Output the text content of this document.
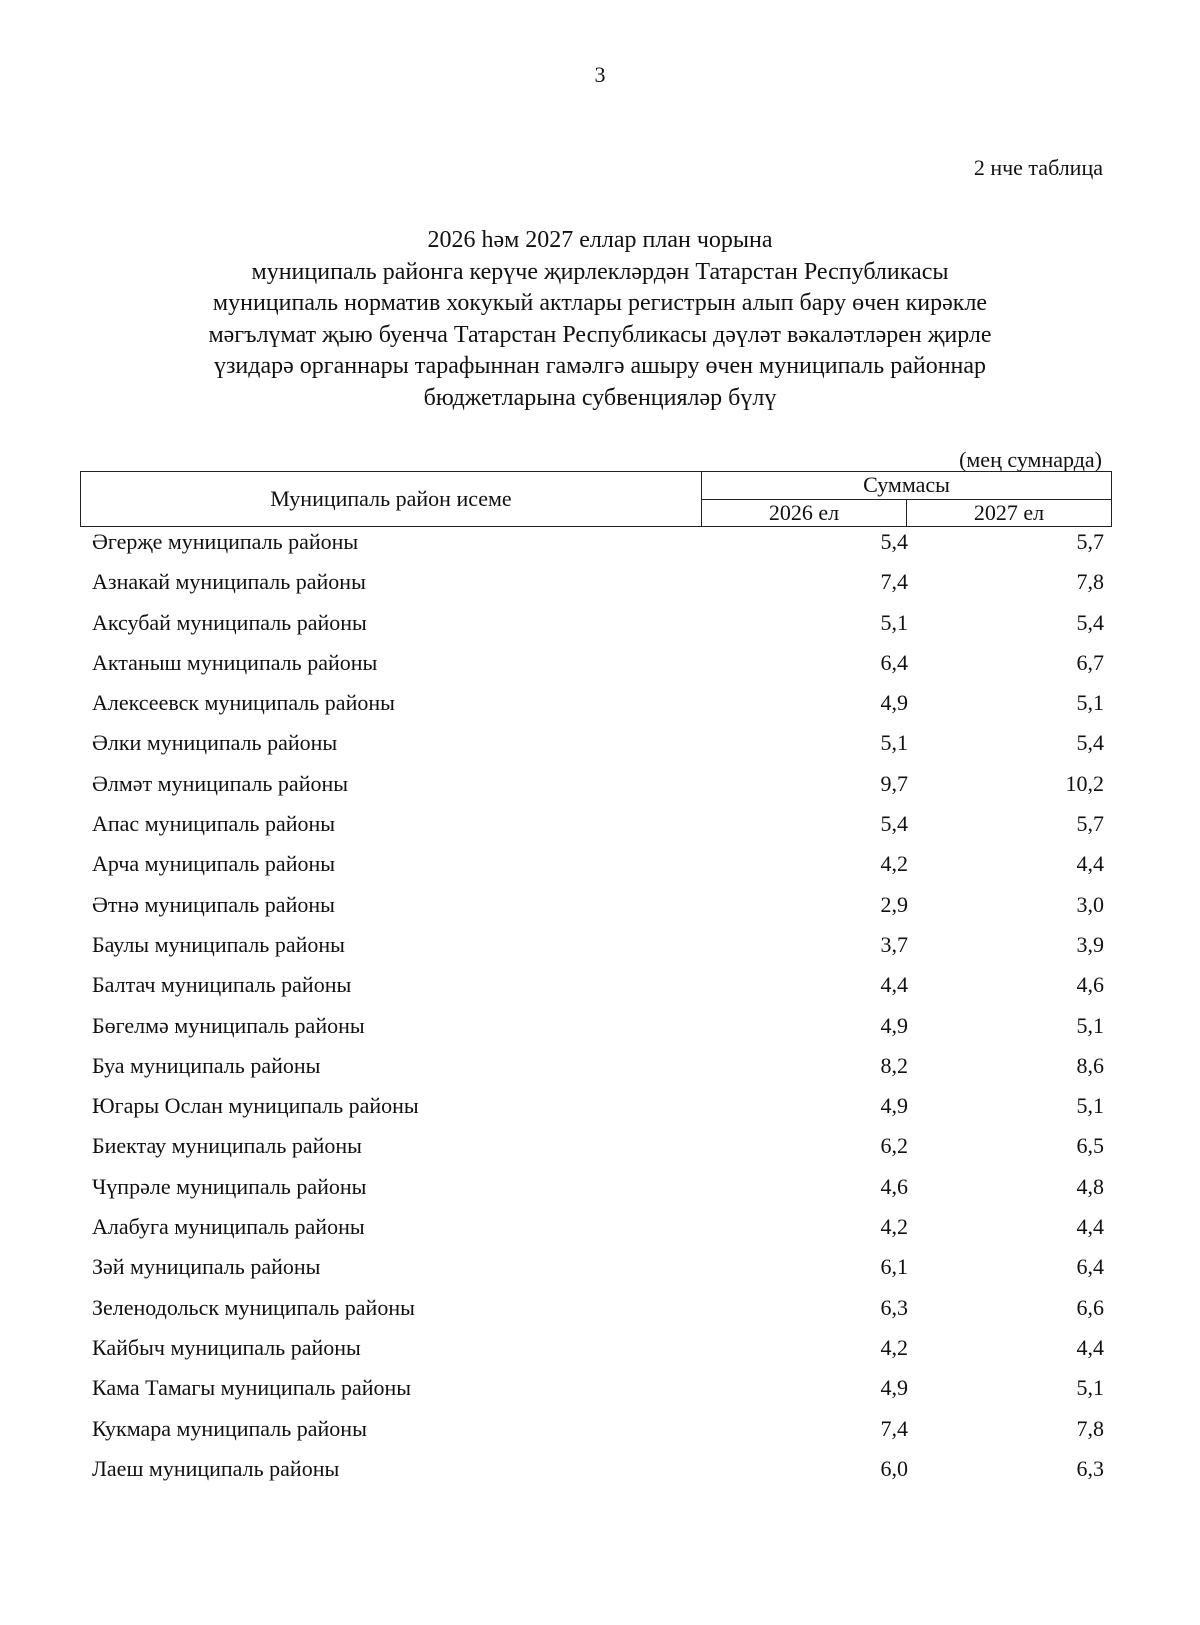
3
2 нче таблица
2026 һәм 2027 еллар план чорына
муниципаль районга керүче җирлекләрдән Татарстан Республикасы
муниципаль норматив хокукый актлары регистрын алып бару өчен кирәкле
мәгълүмат җыю буенча Татарстан Республикасы дәүләт вәкаләтләрен җирле
үзидарә органнары тарафыннан гамәлгә ашыру өчен муниципаль районнар
бюджетларына субвенцияләр бүлү
(мең сумнарда)
Муниципаль район исеме	Суммасы	
	2026 ел	2027 ел
Әгерҗе муниципаль районы	5,4	5,7
Азнакай муниципаль районы	7,4	7,8
Аксубай муниципаль районы	5,1	5,4
Актаныш муниципаль районы	6,4	6,7
Алексеевск муниципаль районы	4,9	5,1
Әлки муниципаль районы	5,1	5,4
Әлмәт муниципаль районы	9,7	10,2
Апас муниципаль районы	5,4	5,7
Арча муниципаль районы	4,2	4,4
Әтнә муниципаль районы	2,9	3,0
Баулы муниципаль районы	3,7	3,9
Балтач муниципаль районы	4,4	4,6
Бөгелмә муниципаль районы	4,9	5,1
Буа муниципаль районы	8,2	8,6
Югары Ослан муниципаль районы	4,9	5,1
Биектау муниципаль районы	6,2	6,5
Чүпрәле муниципаль районы	4,6	4,8
Алабуга муниципаль районы	4,2	4,4
Зәй муниципаль районы	6,1	6,4
Зеленодольск муниципаль районы	6,3	6,6
Кайбыч муниципаль районы	4,2	4,4
Кама Тамагы муниципаль районы	4,9	5,1
Кукмара муниципаль районы	7,4	7,8
Лаеш муниципаль районы	6,0	6,3
